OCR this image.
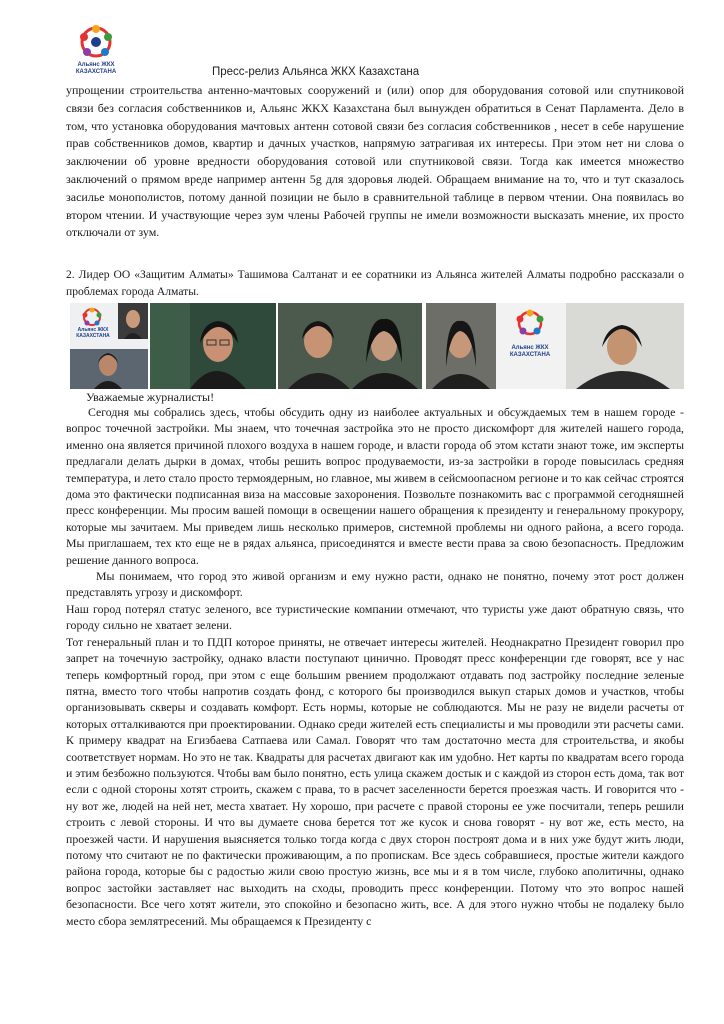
Альянс ЖКХ
КАЗАХСТАНА	Пресс-релиз Альянса ЖКХ Казахстана
упрощении строительства антенно-мачтовых сооружений и (или) опор для оборудования сотовой или спутниковой связи без согласия собственников и, Альянс ЖКХ Казахстана был вынужден обратиться в Сенат Парламента. Дело в том, что установка оборудования мачтовых антенн сотовой связи без согласия собственников , несет в себе нарушение прав собственников домов, квартир и дачных участков, напрямую затрагивая их интересы. При этом нет ни слова о заключении об уровне вредности оборудования сотовой или спутниковой связи. Тогда как имеется множество заключений о прямом вреде например антенн 5g для здоровья людей. Обращаем внимание на то, что и тут сказалось засилье монополистов, потому данной позиции не было в сравнительной таблице в первом чтении. Она появилась во втором чтении. И участвующие через зум члены Рабочей группы не имели возможности высказать мнение, их просто отключали от зум.
2. Лидер ОО «Защитим Алматы» Ташимова Салтанат и ее соратники из Альянса жителей Алматы подробно рассказали о проблемах города Алматы.
Альянс ЖКХ
КАЗАХСТАНА
Альянс ЖКХ
КАЗАХСТАНА
Уважаемые журналисты!
Сегодня мы собрались здесь, чтобы обсудить одну из наиболее актуальных и обсуждаемых тем в нашем городе - вопрос точечной застройки. Мы знаем, что точечная застройка это не просто дискомфорт для жителей нашего города, именно она является причиной плохого воздуха в нашем городе, и власти города об этом кстати знают тоже, им эксперты предлагали делать дырки в домах, чтобы решить вопрос продуваемости, из-за застройки в городе повысилась средняя температура, и лето стало просто термоядерным, но главное, мы живем в сейсмоопасном регионе и то как сейчас строятся дома это фактически подписанная виза на массовые захоронения. Позвольте познакомить вас с программой сегодняшней пресс конференции. Мы просим вашей помощи в освещении нашего обращения к президенту и генеральному прокурору, которые мы зачитаем. Мы приведем лишь несколько примеров, системной проблемы ни одного района, а всего города. Мы приглашаем, тех кто еще не в рядах альянса, присоединятся и вместе вести права за свою безопасность. Предложим решение данного вопроса.
Мы понимаем, что город это живой организм и ему нужно расти, однако не понятно, почему этот рост должен представлять угрозу и дискомфорт.
Наш город потерял статус зеленого, все туристические компании отмечают, что туристы уже дают обратную связь, что городу сильно не хватает зелени.
Тот генеральный план и то ПДП которое приняты, не отвечает интересы жителей. Неоднакратно Президент говорил про запрет на точечную застройку, однако власти поступают цинично. Проводят пресс конференции где говорят, все у нас теперь комфортный город, при этом с еще большим рвением продолжают отдавать под застройку последние зеленые пятна, вместо того чтобы напротив создать фонд, с которого бы производился выкуп старых домов и участков, чтобы организовывать скверы и создавать комфорт. Есть нормы, которые не соблюдаются. Мы не разу не видели расчеты от которых отталкиваются при проектировании. Однако среди жителей есть специалисты и мы проводили эти расчеты сами. К примеру квадрат на Егизбаева Сатпаева или Самал. Говорят что там достаточно места для строительства, и якобы соответствует нормам. Но это не так. Квадраты для расчетах двигают как им удобно. Нет карты по квадратам всего города и этим безбожно пользуются. Чтобы вам было понятно, есть улица скажем достык и с каждой из сторон есть дома, так вот если с одной стороны хотят строить, скажем с права, то в расчет заселенности берется проезжая часть. И говорится что - ну вот же, людей на ней нет, места хватает. Ну хорошо, при расчете с правой стороны ее уже посчитали, теперь решили строить с левой стороны. И что вы думаете снова берется тот же кусок и снова говорят - ну вот же, есть место, на проезжей части. И нарушения выясняется только тогда когда с двух сторон построят дома и в них уже будут жить люди, потому что считают не по фактически проживающим, а по пропискам. Все здесь собравшиеся, простые жители каждого района города, которые бы с радостью жили свою простую жизнь, все мы и я в том числе, глубоко аполитичны, однако вопрос застойки заставляет нас выходить на сходы, проводить пресс конференции. Потому что это вопрос нашей безопасности. Все чего хотят жители, это спокойно и безопасно жить, все. А для этого нужно чтобы не подалеку было место сбора землятресений. Мы обращаемся к Президенту с
